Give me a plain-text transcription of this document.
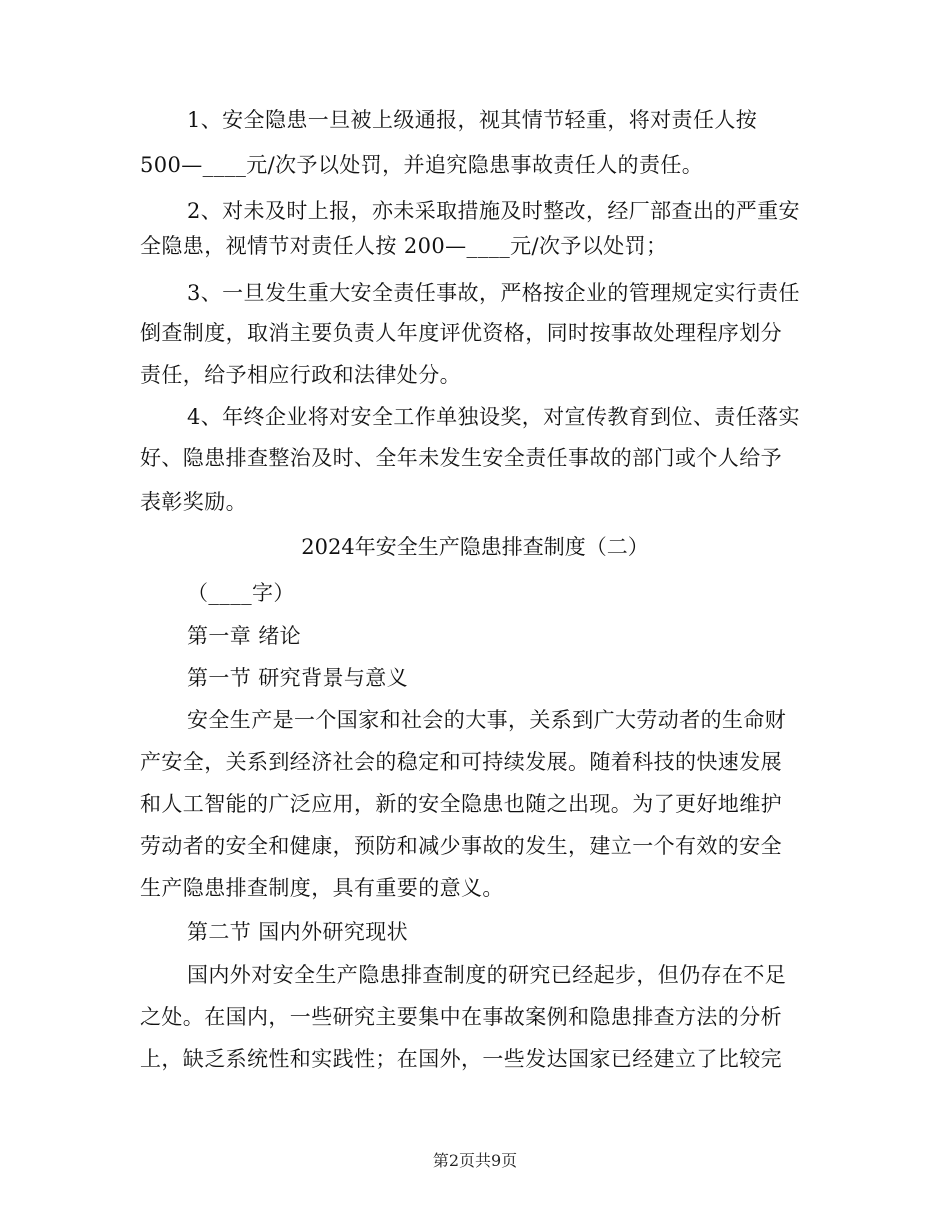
1、安全隐患一旦被上级通报，视其情节轻重，将对责任人按
500—____元/次予以处罚，并追究隐患事故责任人的责任。
2、对未及时上报，亦未采取措施及时整改，经厂部查出的严重安
全隐患，视情节对责任人按 200—____元/次予以处罚；
3、一旦发生重大安全责任事故，严格按企业的管理规定实行责任
倒查制度，取消主要负责人年度评优资格，同时按事故处理程序划分
责任，给予相应行政和法律处分。
4、年终企业将对安全工作单独设奖，对宣传教育到位、责任落实
好、隐患排查整治及时、全年未发生安全责任事故的部门或个人给予
表彰奖励。
2024年安全生产隐患排查制度（二）
（____字）
第一章 绪论
第一节 研究背景与意义
安全生产是一个国家和社会的大事，关系到广大劳动者的生命财
产安全，关系到经济社会的稳定和可持续发展。随着科技的快速发展
和人工智能的广泛应用，新的安全隐患也随之出现。为了更好地维护
劳动者的安全和健康，预防和减少事故的发生，建立一个有效的安全
生产隐患排查制度，具有重要的意义。
第二节 国内外研究现状
国内外对安全生产隐患排查制度的研究已经起步，但仍存在不足
之处。在国内，一些研究主要集中在事故案例和隐患排查方法的分析
上，缺乏系统性和实践性；在国外，一些发达国家已经建立了比较完
第2页共9页
